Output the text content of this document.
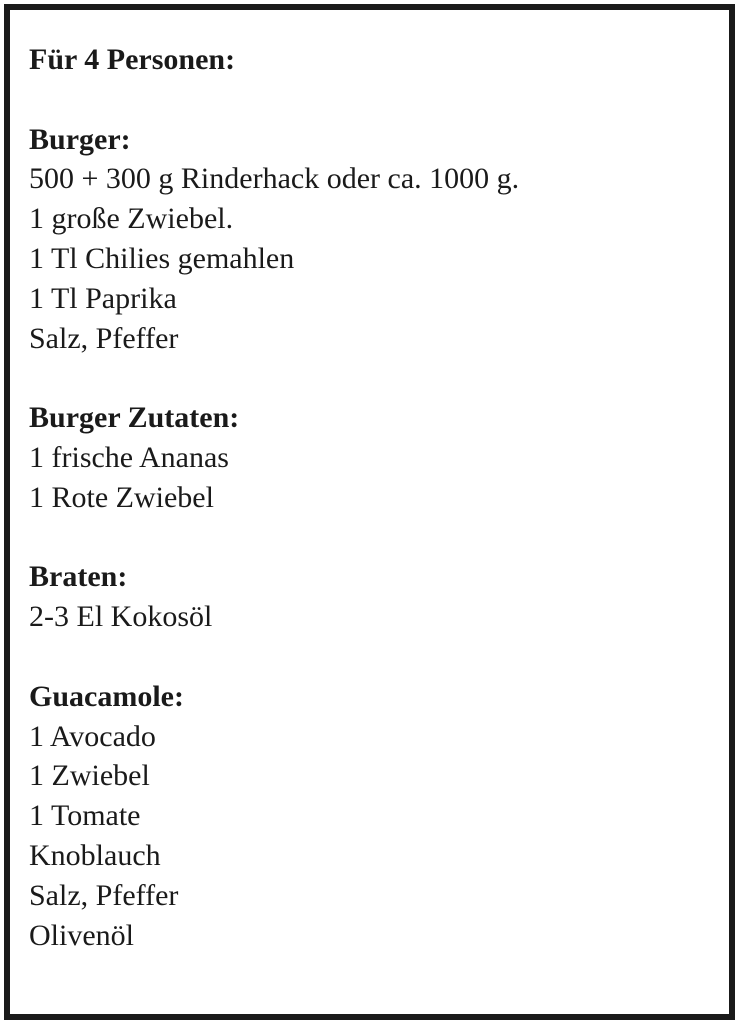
Für 4 Personen:

Burger:

500 + 300 g Rinderhack oder ca. 1000 g.

1 große Zwiebel.

1 Tl Chilies gemahlen

1 Tl Paprika

Salz, Pfeffer

Burger Zutaten:

1 frische Ananas

1 Rote Zwiebel

Braten:

2-3 El Kokosöl

Guacamole:

1 Avocado

1 Zwiebel

1 Tomate

Knoblauch

Salz, Pfeffer

Olivenöl
